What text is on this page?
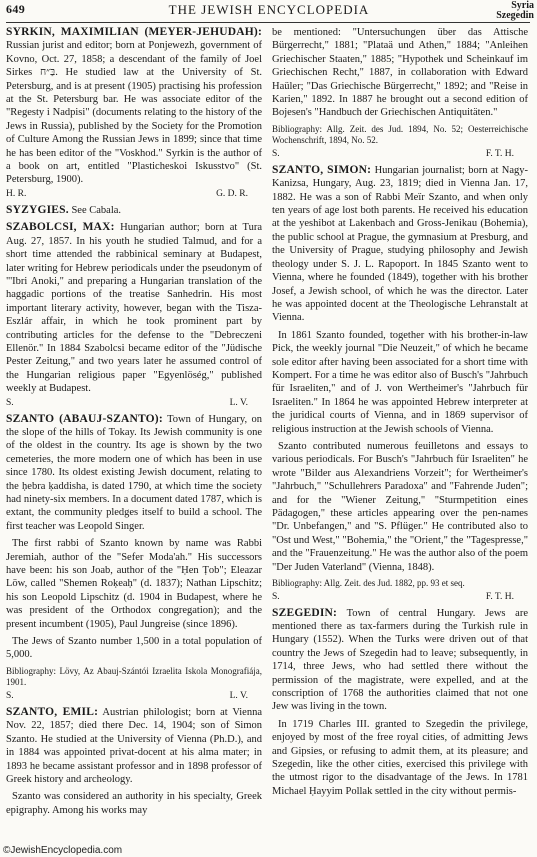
649	THE JEWISH ENCYCLOPEDIA	Syria
Szegedin

SYRKIN, MAXIMILIAN (MEYER-JEHUDAH): Russian jurist and editor; born at Ponjewezh, government of Kovno, Oct. 27, 1858; a descendant of the family of Joel Sirkes בַּ״ח. He studied law at the University of St. Petersburg, and is at present (1905) practising his profession at the St. Petersburg bar. He was associate editor of the "Regesty i Nadpisi" (documents relating to the history of the Jews in Russia), published by the Society for the Promotion of Culture Among the Russian Jews in 1899; since that time he has been editor of the "Voskhod." Syrkin is the author of a book on art, entitled "Plasticheskoi Iskusstvo" (St. Petersburg, 1900).

H. R.	G. D. R.

SYZYGIES. See Cabala.

SZABOLCSI, MAX: Hungarian author; born at Tura Aug. 27, 1857. In his youth he studied Talmud, and for a short time attended the rabbinical seminary at Budapest, later writing for Hebrew periodicals under the pseudonym of "'Ibri Anoki," and preparing a Hungarian translation of the haggadic portions of the treatise Sanhedrin. His most important literary activity, however, began with the Tisza-Eszlár affair, in which he took prominent part by contributing articles for the defense to the "Debreczeni Ellenör." In 1884 Szabolcsi became editor of the "Jüdische Pester Zeitung," and two years later he assumed control of the Hungarian religious paper "Egyenlöség," published weekly at Budapest.

S.	L. V.

SZANTO (ABAUJ-SZANTO): Town of Hungary, on the slope of the hills of Tokay. Its Jewish community is one of the oldest in the country. Its age is shown by the two cemeteries, the more modern one of which has been in use since 1780. Its oldest existing Jewish document, relating to the ḥebra ḳaddisha, is dated 1790, at which time the society had ninety-six members. In a document dated 1787, which is extant, the community pledges itself to build a school. The first teacher was Leopold Singer.

The first rabbi of Szanto known by name was Rabbi Jeremiah, author of the "Sefer Moda'ah." His successors have been: his son Joab, author of the "Ḥen Ṭob"; Eleazar Löw, called "Shemen Roḳeaḥ" (d. 1837); Nathan Lipschitz; his son Leopold Lipschitz (d. 1904 in Budapest, where he was president of the Orthodox congregation); and the present incumbent (1905), Paul Jungreise (since 1896).

The Jews of Szanto number 1,500 in a total population of 5,000.

Bibliography: Lövy, Az Abauj-Szántói Izraelita Iskola Monografiája, 1901.

S.	L. V.

SZANTO, EMIL: Austrian philologist; born at Vienna Nov. 22, 1857; died there Dec. 14, 1904; son of Simon Szanto. He studied at the University of Vienna (Ph.D.), and in 1884 was appointed privat-docent at his alma mater; in 1893 he became assistant professor and in 1898 professor of Greek history and archeology.

Szanto was considered an authority in his specialty, Greek epigraphy. Among his works may

be mentioned: "Untersuchungen über das Attische Bürgerrecht," 1881; "Plataä und Athen," 1884; "Anleihen Griechischer Staaten," 1885; "Hypothek und Scheinkauf im Griechischen Recht," 1887, in collaboration with Edward Haüler; "Das Griechische Bürgerrecht," 1892; and "Reise in Karien," 1892. In 1887 he brought out a second edition of Bojesen's "Handbuch der Griechischen Antiquitäten."

Bibliography: Allg. Zeit. des Jud. 1894, No. 52; Oesterreichische Wochenschrift, 1894, No. 52.

S.	F. T. H.

SZANTO, SIMON: Hungarian journalist; born at Nagy-Kanizsa, Hungary, Aug. 23, 1819; died in Vienna Jan. 17, 1882. He was a son of Rabbi Meïr Szanto, and when only ten years of age lost both parents. He received his education at the yeshibot at Lakenbach and Gross-Jenikau (Bohemia), the public school at Prague, the gymnasium at Presburg, and the University of Prague, studying philosophy and Jewish theology under S. J. L. Rapoport. In 1845 Szanto went to Vienna, where he founded (1849), together with his brother Josef, a Jewish school, of which he was the director. Later he was appointed docent at the Theologische Lehranstalt at Vienna.

In 1861 Szanto founded, together with his brother-in-law Pick, the weekly journal "Die Neuzeit," of which he became sole editor after having been associated for a short time with Kompert. For a time he was editor also of Busch's "Jahrbuch für Israeliten," and of J. von Wertheimer's "Jahrbuch für Israeliten." In 1864 he was appointed Hebrew interpreter at the juridical courts of Vienna, and in 1869 supervisor of religious instruction at the Jewish schools of Vienna.

Szanto contributed numerous feuilletons and essays to various periodicals. For Busch's "Jahrbuch für Israeliten" he wrote "Bilder aus Alexandriens Vorzeit"; for Wertheimer's "Jahrbuch," "Schullehrers Paradoxa" and "Fahrende Juden"; and for the "Wiener Zeitung," "Sturmpetition eines Pädagogen," these articles appearing over the pen-names "Dr. Unbefangen," and "S. Pflüger." He contributed also to "Ost und West," "Bohemia," the "Orient," the "Tagespresse," and the "Frauenzeitung." He was the author also of the poem "Der Juden Vaterland" (Vienna, 1848).

Bibliography: Allg. Zeit. des Jud. 1882, pp. 93 et seq.

S.	F. T. H.

SZEGEDIN: Town of central Hungary. Jews are mentioned there as tax-farmers during the Turkish rule in Hungary (1552). When the Turks were driven out of that country the Jews of Szegedin had to leave; subsequently, in 1714, three Jews, who had settled there without the permission of the magistrate, were expelled, and at the conscription of 1768 the authorities claimed that not one Jew was living in the town.

In 1719 Charles III. granted to Szegedin the privilege, enjoyed by most of the free royal cities, of admitting Jews and Gipsies, or refusing to admit them, at its pleasure; and Szegedin, like the other cities, exercised this privilege with the utmost rigor to the disadvantage of the Jews. In 1781 Michael Ḥayyim Pollak settled in the city without permis-

©JewishEncyclopedia.com
